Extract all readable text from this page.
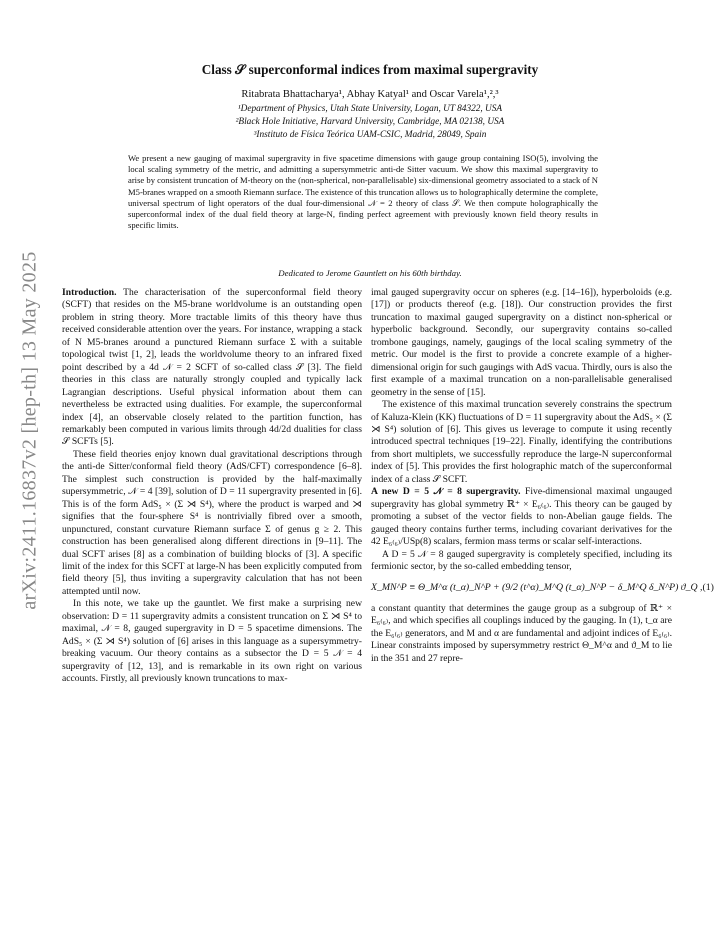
arXiv:2411.16837v2 [hep-th] 13 May 2025
Class 𝒮 superconformal indices from maximal supergravity
Ritabrata Bhattacharya¹, Abhay Katyal¹ and Oscar Varela¹,²,³
¹Department of Physics, Utah State University, Logan, UT 84322, USA
²Black Hole Initiative, Harvard University, Cambridge, MA 02138, USA
³Instituto de Física Teórica UAM-CSIC, Madrid, 28049, Spain
We present a new gauging of maximal supergravity in five spacetime dimensions with gauge group containing ISO(5), involving the local scaling symmetry of the metric, and admitting a supersymmetric anti-de Sitter vacuum. We show this maximal supergravity to arise by consistent truncation of M-theory on the (non-spherical, non-parallelisable) six-dimensional geometry associated to a stack of N M5-branes wrapped on a smooth Riemann surface. The existence of this truncation allows us to holographically determine the complete, universal spectrum of light operators of the dual four-dimensional 𝒩 = 2 theory of class 𝒮. We then compute holographically the superconformal index of the dual field theory at large-N, finding perfect agreement with previously known field theory results in specific limits.
Dedicated to Jerome Gauntlett on his 60th birthday.

Introduction. The characterisation of the superconformal field theory (SCFT) that resides on the M5-brane worldvolume is an outstanding open problem in string theory. More tractable limits of this theory have thus received considerable attention over the years. For instance, wrapping a stack of N M5-branes around a punctured Riemann surface Σ with a suitable topological twist [1, 2], leads the worldvolume theory to an infrared fixed point described by a 4d 𝒩 = 2 SCFT of so-called class 𝒮 [3]. The field theories in this class are naturally strongly coupled and typically lack Lagrangian descriptions. Useful physical information about them can nevertheless be extracted using dualities. For example, the superconformal index [4], an observable closely related to the partition function, has remarkably been computed in various limits through 4d/2d dualities for class 𝒮 SCFTs [5].

These field theories enjoy known dual gravitational descriptions through the anti-de Sitter/conformal field theory (AdS/CFT) correspondence [6–8]. The simplest such construction is provided by the half-maximally supersymmetric, 𝒩 = 4 [39], solution of D = 11 supergravity presented in [6]. This is of the form AdS₅ × (Σ ⋊ S⁴), where the product is warped and ⋊ signifies that the four-sphere S⁴ is nontrivially fibred over a smooth, unpunctured, constant curvature Riemann surface Σ of genus g ≥ 2. This construction has been generalised along different directions in [9–11]. The dual SCFT arises [8] as a combination of building blocks of [3]. A specific limit of the index for this SCFT at large-N has been explicitly computed from field theory [5], thus inviting a supergravity calculation that has not been attempted until now.

In this note, we take up the gauntlet. We first make a surprising new observation: D = 11 supergravity admits a consistent truncation on Σ ⋊ S⁴ to maximal, 𝒩 = 8, gauged supergravity in D = 5 spacetime dimensions. The AdS₅ × (Σ ⋊ S⁴) solution of [6] arises in this language as a supersymmetry-breaking vacuum. Our theory contains as a subsector the D = 5 𝒩 = 4 supergravity of [12, 13], and is remarkable in its own right on various accounts. Firstly, all previously known truncations to max-

imal gauged supergravity occur on spheres (e.g. [14–16]), hyperboloids (e.g. [17]) or products thereof (e.g. [18]). Our construction provides the first truncation to maximal gauged supergravity on a distinct non-spherical or hyperbolic background. Secondly, our supergravity contains so-called trombone gaugings, namely, gaugings of the local scaling symmetry of the metric. Our model is the first to provide a concrete example of a higher-dimensional origin for such gaugings with AdS vacua. Thirdly, ours is also the first example of a maximal truncation on a non-parallelisable generalised geometry in the sense of [15].

The existence of this maximal truncation severely constrains the spectrum of Kaluza-Klein (KK) fluctuations of D = 11 supergravity about the AdS₅ × (Σ ⋊ S⁴) solution of [6]. This gives us leverage to compute it using recently introduced spectral techniques [19–22]. Finally, identifying the contributions from short multiplets, we successfully reproduce the large-N superconformal index of [5]. This provides the first holographic match of the superconformal index of a class 𝒮 SCFT.

A new D = 5 𝒩 = 8 supergravity. Five-dimensional maximal ungauged supergravity has global symmetry ℝ⁺ × E₆₍₆₎. This theory can be gauged by promoting a subset of the vector fields to non-Abelian gauge fields. The gauged theory contains further terms, including covariant derivatives for the 42 E₆₍₆₎/USp(8) scalars, fermion mass terms or scalar self-interactions.

A D = 5 𝒩 = 8 gauged supergravity is completely specified, including its fermionic sector, by the so-called embedding tensor,

X_MN^P ≡ Θ_M^α (t_α)_N^P + (9/2 (t^α)_M^Q (t_α)_N^P − δ_M^Q δ_N^P) ϑ_Q , (1)

a constant quantity that determines the gauge group as a subgroup of ℝ⁺ × E₆₍₆₎, and which specifies all couplings induced by the gauging. In (1), t_α are the E₆₍₆₎ generators, and M and α are fundamental and adjoint indices of E₆₍₆₎. Linear constraints imposed by supersymmetry restrict Θ_M^α and ϑ_M to lie in the 351 and 27 repre-
